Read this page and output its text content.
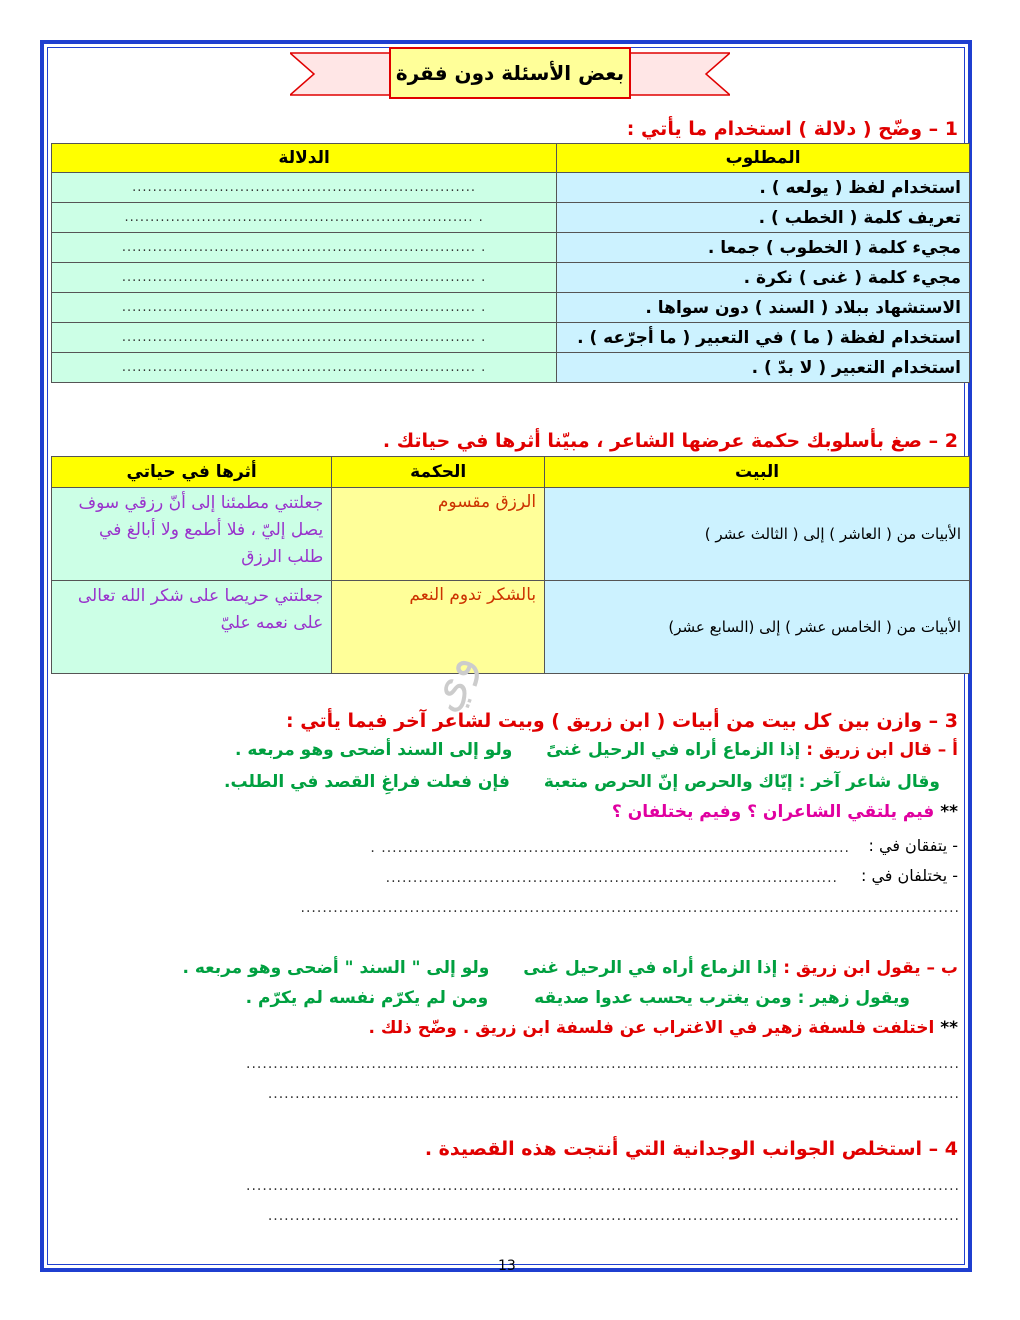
بعض الأسئلة دون فقرة
1 – وضّح ( دلالة ) استخدام ما يأتي :
المطلوب	الدلالة
استخدام لفظ ( يولعه ) .	...................................................................
تعريف كلمة ( الخطب ) .	. ....................................................................
مجيء كلمة ( الخطوب ) جمعا .	. .....................................................................
مجيء كلمة ( غنى ) نكرة .	. .....................................................................
الاستشهاد ببلاد ( السند ) دون سواها .	. .....................................................................
استخدام لفظة ( ما ) في التعبير ( ما أجرّعه ) .	. .....................................................................
استخدام التعبير ( لا بدّ ) .	. .....................................................................
2 – صغ بأسلوبك حكمة عرضها الشاعر ، مبيّنا أثرها في حياتك .
البيت	الحكمة	أثرها في حياتي
الأبيات من ( العاشر ) إلى ( الثالث عشر )	الرزق مقسوم	جعلتني مطمئنا إلى أنّ رزقي سوف يصل إليّ ، فلا أطمع ولا أبالغ في طلب الرزق
الأبيات من ( الخامس عشر ) إلى (السابع عشر)	بالشكر تدوم النعم	جعلتني حريصا على شكر الله تعالى على نعمه عليّ
وي
3 – وازن بين كل بيت من أبيات ( ابن زريق ) وبيت لشاعر آخر فيما يأتي :
أ – قال ابن زريق : إذا الزماع أراه في الرحيل غنىً ولو إلى السند أضحى وهو مربعه .
وقال شاعر آخر : إيّاك والحرص إنّ الحرص متعبة فإن فعلت فراغِ القصد في الطلب.
** فيم يلتقي الشاعران ؟ وفيم يختلفان ؟
- يتفقان في :
...................................................................................... .
- يختلفان في :
...................................................................................
.........................................................................................................................
ب – يقول ابن زريق : إذا الزماع أراه في الرحيل غنى ولو إلى " السند " أضحى وهو مربعه .
ويقول زهير : ومن يغترب يحسب عدوا صديقه ومن لم يكرّم نفسه لم يكرّم .
** اختلفت فلسفة زهير في الاغتراب عن فلسفة ابن زريق . وضّح ذلك .
...................................................................................................................................
...............................................................................................................................
4 – استخلص الجوانب الوجدانية التي أنتجت هذه القصيدة .
...................................................................................................................................
...............................................................................................................................
13
